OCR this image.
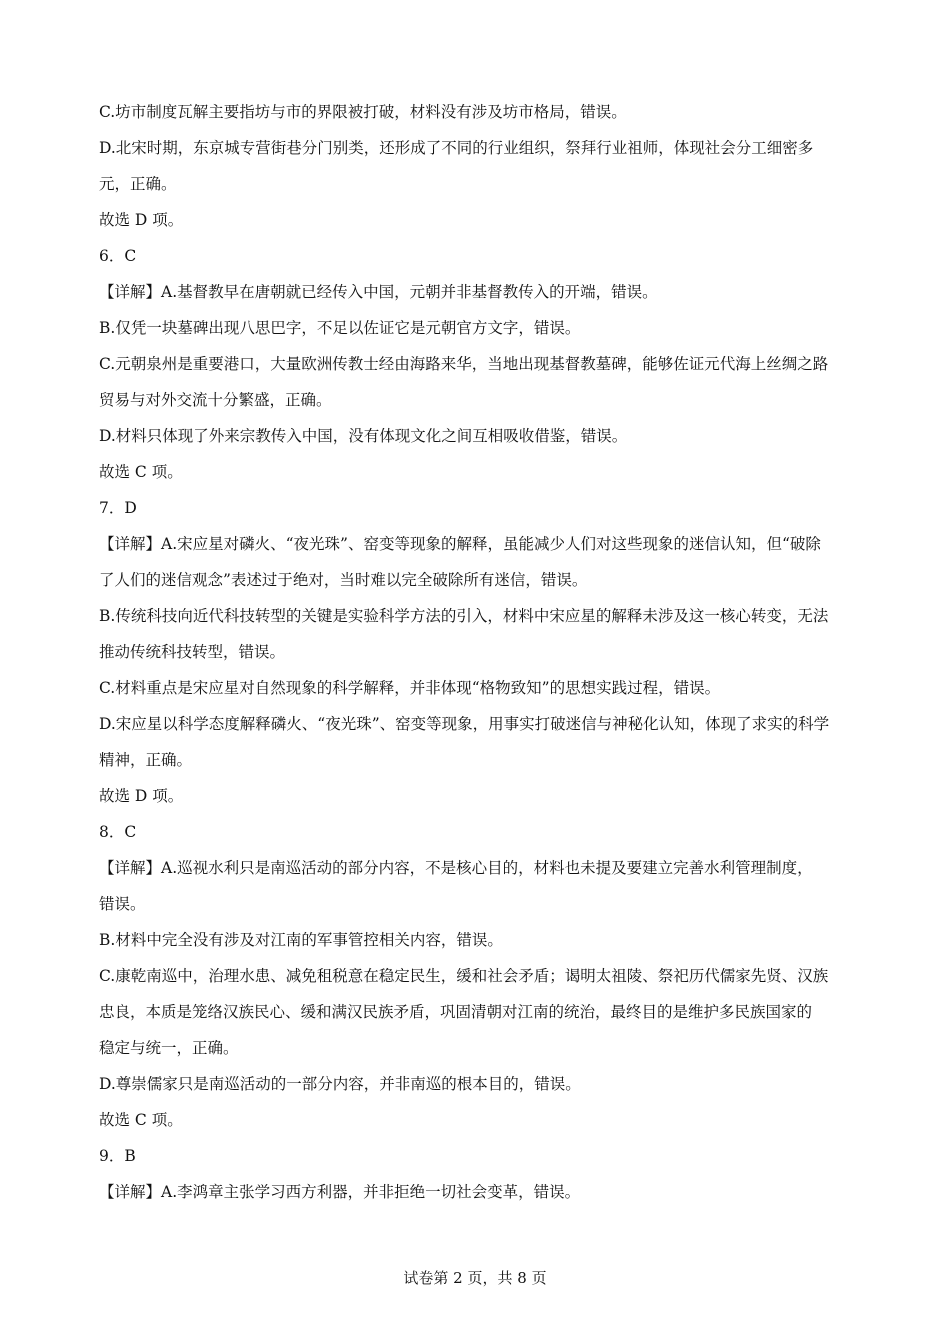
C.坊市制度瓦解主要指坊与市的界限被打破，材料没有涉及坊市格局，错误。
D.北宋时期，东京城专营街巷分门别类，还形成了不同的行业组织，祭拜行业祖师，体现社会分工细密多
元，正确。
故选 D 项。
6．C
【详解】A.基督教早在唐朝就已经传入中国，元朝并非基督教传入的开端，错误。
B.仅凭一块墓碑出现八思巴字，不足以佐证它是元朝官方文字，错误。
C.元朝泉州是重要港口，大量欧洲传教士经由海路来华，当地出现基督教墓碑，能够佐证元代海上丝绸之路
贸易与对外交流十分繁盛，正确。
D.材料只体现了外来宗教传入中国，没有体现文化之间互相吸收借鉴，错误。
故选 C 项。
7．D
【详解】A.宋应星对磷火、“夜光珠”、窑变等现象的解释，虽能减少人们对这些现象的迷信认知，但“破除
了人们的迷信观念”表述过于绝对，当时难以完全破除所有迷信，错误。
B.传统科技向近代科技转型的关键是实验科学方法的引入，材料中宋应星的解释未涉及这一核心转变，无法
推动传统科技转型，错误。
C.材料重点是宋应星对自然现象的科学解释，并非体现“格物致知”的思想实践过程，错误。
D.宋应星以科学态度解释磷火、“夜光珠”、窑变等现象，用事实打破迷信与神秘化认知，体现了求实的科学
精神，正确。
故选 D 项。
8．C
【详解】A.巡视水利只是南巡活动的部分内容，不是核心目的，材料也未提及要建立完善水利管理制度，
错误。
B.材料中完全没有涉及对江南的军事管控相关内容，错误。
C.康乾南巡中，治理水患、减免租税意在稳定民生，缓和社会矛盾；谒明太祖陵、祭祀历代儒家先贤、汉族
忠良，本质是笼络汉族民心、缓和满汉民族矛盾，巩固清朝对江南的统治，最终目的是维护多民族国家的
稳定与统一，正确。
D.尊崇儒家只是南巡活动的一部分内容，并非南巡的根本目的，错误。
故选 C 项。
9．B
【详解】A.李鸿章主张学习西方利器，并非拒绝一切社会变革，错误。
试卷第 2 页，共 8 页
